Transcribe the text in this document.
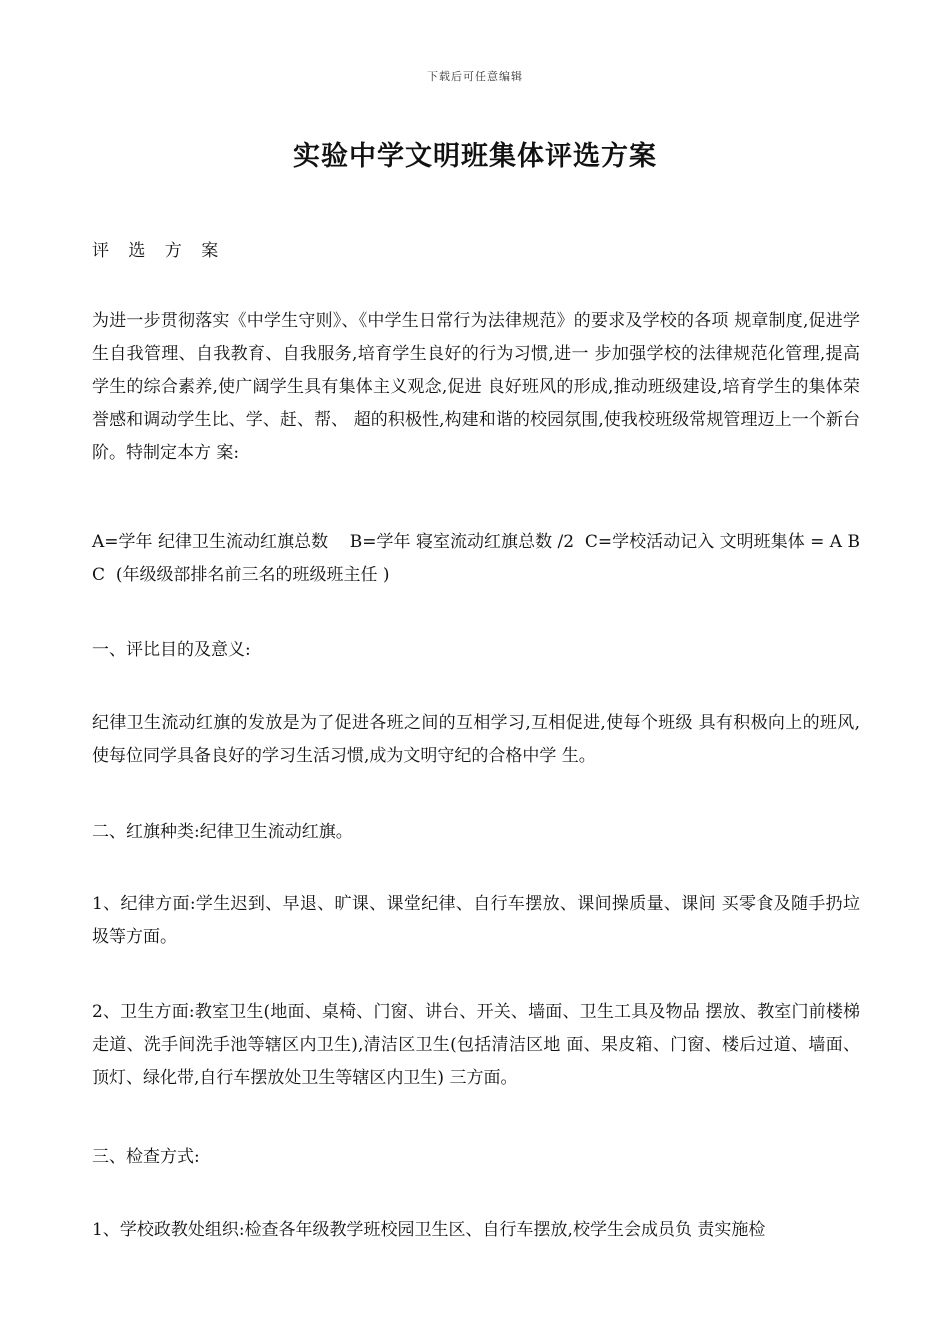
下载后可任意编辑
实验中学文明班集体评选方案

评 选 方 案

为进一步贯彻落实《中学生守则》、《中学生日常行为法律规范》的要求及学校的各项 规章制度,促进学生自我管理、自我教育、自我服务,培育学生良好的行为习惯,进一 步加强学校的法律规范化管理,提高学生的综合素养,使广阔学生具有集体主义观念,促进 良好班风的形成,推动班级建设,培育学生的集体荣誉感和调动学生比、学、赶、帮、 超的积极性,构建和谐的校园氛围,使我校班级常规管理迈上一个新台阶。特制定本方 案:

A=学年 纪律卫生流动红旗总数    B=学年 寝室流动红旗总数 /2  C=学校活动记入 文明班集体 = A B C  (年级级部排名前三名的班级班主任 )

一、评比目的及意义:

纪律卫生流动红旗的发放是为了促进各班之间的互相学习,互相促进,使每个班级 具有积极向上的班风,使每位同学具备良好的学习生活习惯,成为文明守纪的合格中学 生。

二、红旗种类:纪律卫生流动红旗。

1、纪律方面:学生迟到、早退、旷课、课堂纪律、自行车摆放、课间操质量、课间 买零食及随手扔垃圾等方面。

2、卫生方面:教室卫生(地面、桌椅、门窗、讲台、开关、墙面、卫生工具及物品 摆放、教室门前楼梯走道、洗手间洗手池等辖区内卫生),清洁区卫生(包括清洁区地 面、果皮箱、门窗、楼后过道、墙面、顶灯、绿化带,自行车摆放处卫生等辖区内卫生) 三方面。

三、检查方式:

1、学校政教处组织:检查各年级教学班校园卫生区、自行车摆放,校学生会成员负 责实施检
